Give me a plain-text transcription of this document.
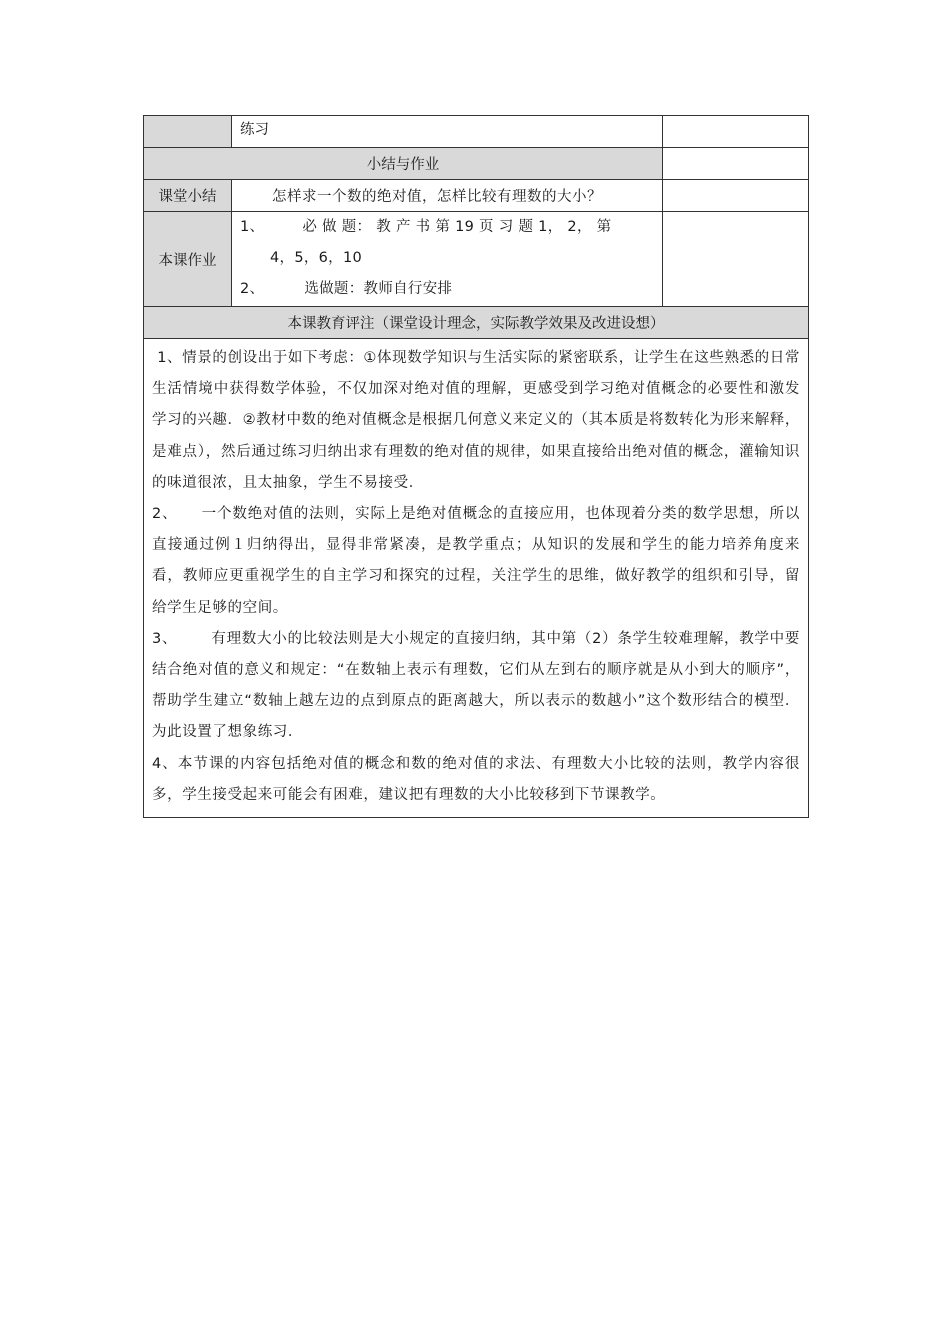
	练习	
小结与作业		
课堂小结	怎样求一个数的绝对值，怎样比较有理数的大小？	
本课作业	1、 必 做 题： 教 产 书 第 19 页 习 题 1， 2， 第
4，5，6，10
2、 选做题：教师自行安排	

本课教育评注（课堂设计理念，实际教学效果及改进设想）		

1、情景的创设出于如下考虑：①体现数学知识与生活实际的紧密联系，让学生在这些熟悉的日常生活情境中获得数学体验，不仅加深对绝对值的理解，更感受到学习绝对值概念的必要性和激发学习的兴趣．②教材中数的绝对值概念是根据几何意义来定义的（其本质是将数转化为形来解释，是难点），然后通过练习归纳出求有理数的绝对值的规律，如果直接给出绝对值的概念，灌输知识的味道很浓，且太抽象，学生不易接受．

2、 一个数绝对值的法则，实际上是绝对值概念的直接应用，也体现着分类的数学思想，所以直接通过例１归纳得出，显得非常紧凑，是教学重点；从知识的发展和学生的能力培养角度来看，教师应更重视学生的自主学习和探究的过程，关注学生的思维，做好教学的组织和引导，留给学生足够的空间。

3、 有理数大小的比较法则是大小规定的直接归纳，其中第（2）条学生较难理解，教学中要结合绝对值的意义和规定：“在数轴上表示有理数，它们从左到右的顺序就是从小到大的顺序”，帮助学生建立“数轴上越左边的点到原点的距离越大，所以表示的数越小”这个数形结合的模型．为此设置了想象练习．

4、本节课的内容包括绝对值的概念和数的绝对值的求法、有理数大小比较的法则，教学内容很多，学生接受起来可能会有困难，建议把有理数的大小比较移到下节课教学。		
